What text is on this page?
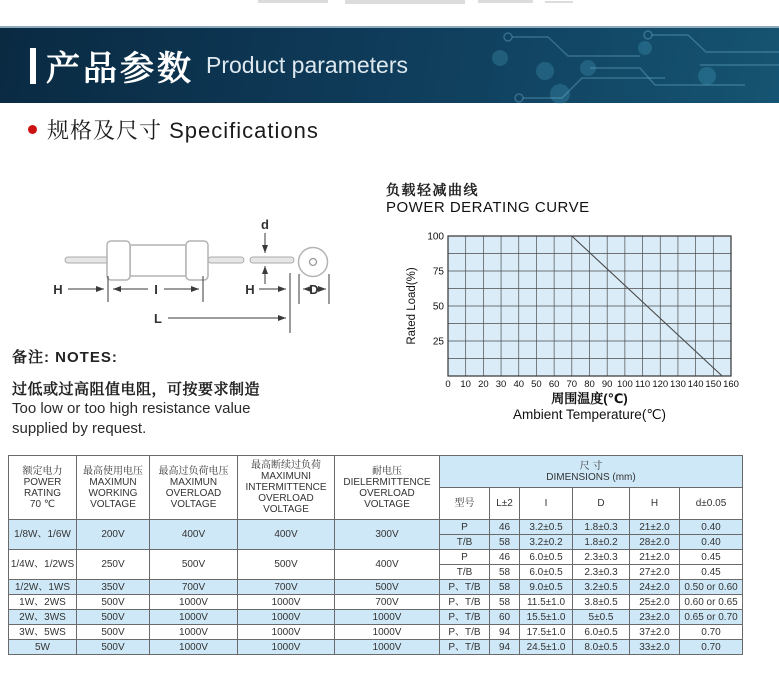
产品参数 Product parameters
规格及尺寸 Specifications
d
H	I	H	D
L
负载轻减曲线
POWER DERATING CURVE
0 10 20 30 40 50 60 70 80 90 100 110 120 130 140 150 160
25
50
75
100
周围温度(℃)
Ambient Temperature(℃)
Rated Load(%)
备注: NOTES:
过低或过高阻值电阻，可按要求制造
Too low or too high resistance value
supplied by request.
额定电力
POWER
RATING
70 ℃

最高使用电压
MAXIMUN
WORKING
VOLTAGE

最高过负荷电压
MAXIMUN
OVERLOAD
VOLTAGE

最高断续过负荷
MAXIMUNI
INTERMITTENCE
OVERLOAD
VOLTAGE

耐电压
DIELERMITTENCE
OVERLOAD
VOLTAGE

尺 寸
DIMENSIONS (mm)

					型号	L±2	I	D	H	d±0.05
1/8W、1/6W	200V	400V	400V	300V	P	46	3.2±0.5	1.8±0.3	21±2.0	0.40
					T/B	58	3.2±0.2	1.8±0.2	28±2.0	0.40
1/4W、1/2WS	250V	500V	500V	400V	P	46	6.0±0.5	2.3±0.3	21±2.0	0.45
					T/B	58	6.0±0.5	2.3±0.3	27±2.0	0.45
1/2W、1WS	350V	700V	700V	500V	P、T/B	58	9.0±0.5	3.2±0.5	24±2.0	0.50 or 0.60
1W、2WS	500V	1000V	1000V	700V	P、T/B	58	11.5±1.0	3.8±0.5	25±2.0	0.60 or 0.65
2W、3WS	500V	1000V	1000V	1000V	P、T/B	60	15.5±1.0	5±0.5	23±2.0	0.65 or 0.70
3W、5WS	500V	1000V	1000V	1000V	P、T/B	94	17.5±1.0	6.0±0.5	37±2.0	0.70
5W	500V	1000V	1000V	1000V	P、T/B	94	24.5±1.0	8.0±0.5	33±2.0	0.70
